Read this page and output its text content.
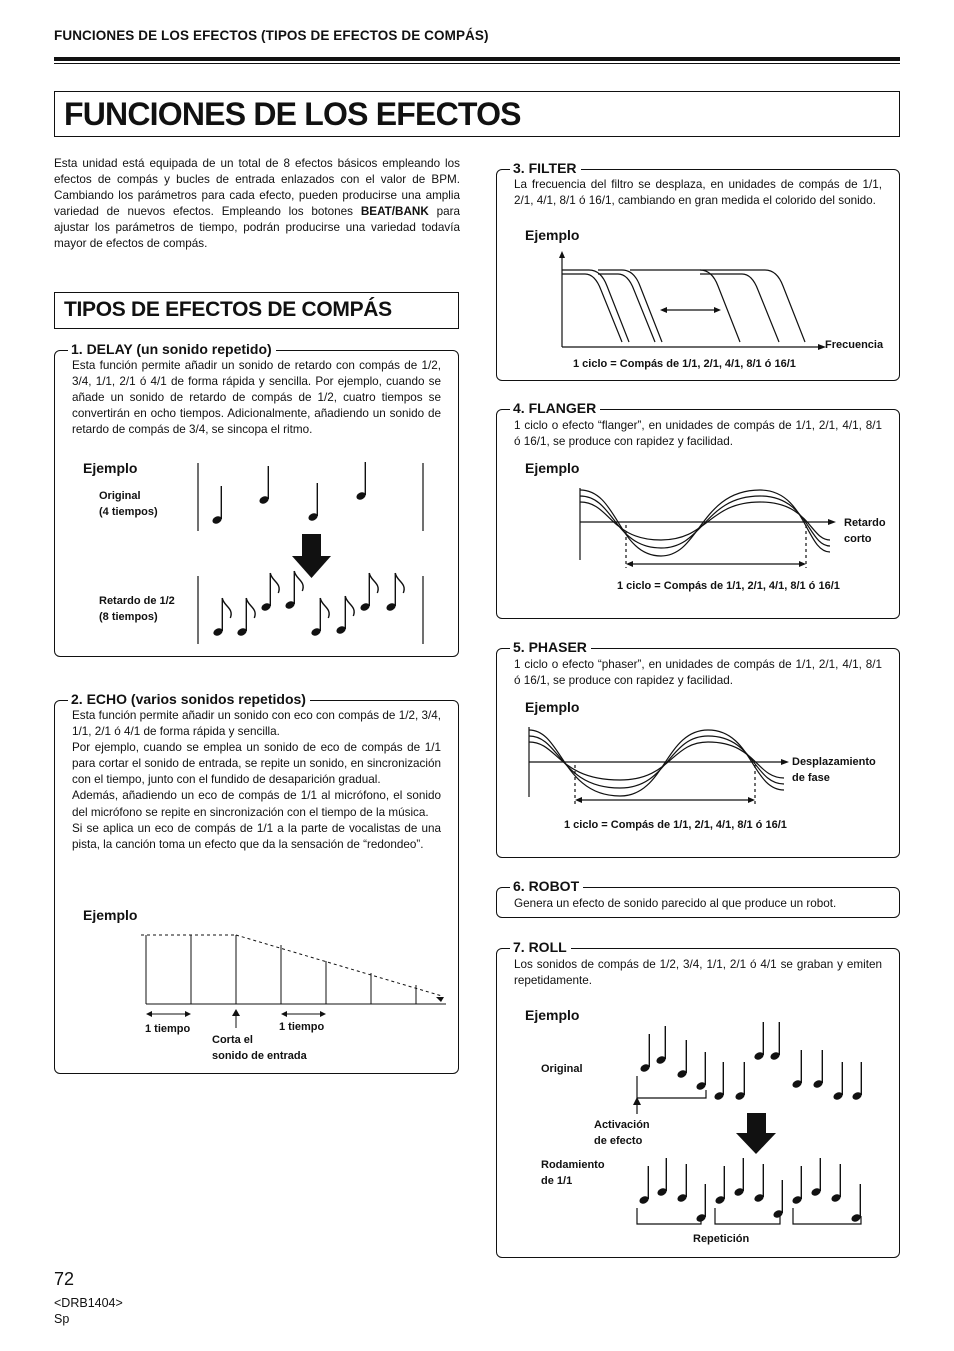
FUNCIONES DE LOS EFECTOS (TIPOS DE EFECTOS DE COMPÁS)
FUNCIONES DE LOS EFECTOS
Esta unidad está equipada de un total de 8 efectos básicos empleando los efectos de compás y bucles de entrada enlazados con el valor de BPM. Cambiando los parámetros para cada efecto, pueden producirse una amplia variedad de nuevos efectos. Empleando los botones BEAT/BANK para ajustar los parámetros de tiempo, podrán producirse una variedad todavía mayor de efectos de compás.
TIPOS DE EFECTOS DE COMPÁS
1. DELAY (un sonido repetido)
Esta función permite añadir un sonido de retardo con compás de 1/2, 3/4, 1/1, 2/1 ó 4/1 de forma rápida y sencilla. Por ejemplo, cuando se añade un sonido de retardo de compás de 1/2, cuatro tiempos se convertirán en ocho tiempos. Adicionalmente, añadiendo un sonido de retardo de compás de 3/4, se sincopa el ritmo.
Ejemplo
Original
(4 tiempos)
Retardo de 1/2
(8 tiempos)
2. ECHO (varios sonidos repetidos)
Esta función permite añadir un sonido con eco con compás de 1/2, 3/4, 1/1, 2/1 ó 4/1 de forma rápida y sencilla.
Por ejemplo, cuando se emplea un sonido de eco de compás de 1/1 para cortar el sonido de entrada, se repite un sonido, en sincronización con el tiempo, junto con el fundido de desaparición gradual.
Además, añadiendo un eco de compás de 1/1 al micrófono, el sonido del micrófono se repite en sincronización con el tiempo de la música.
Si se aplica un eco de compás de 1/1 a la parte de vocalistas de una pista, la canción toma un efecto que da la sensación de “redondeo”.
Ejemplo
1 tiempo	1 tiempo
Corta el
sonido de entrada
3. FILTER
La frecuencia del filtro se desplaza, en unidades de compás de 1/1, 2/1, 4/1, 8/1 ó 16/1, cambiando en gran medida el colorido del sonido.
Ejemplo
Frecuencia
1 ciclo = Compás de 1/1, 2/1, 4/1, 8/1 ó 16/1
4. FLANGER
1 ciclo o efecto “flanger”, en unidades de compás de 1/1, 2/1, 4/1, 8/1 ó 16/1, se produce con rapidez y facilidad.
Ejemplo
Retardo
corto
1 ciclo = Compás de 1/1, 2/1, 4/1, 8/1 ó 16/1
5. PHASER
1 ciclo o efecto “phaser”, en unidades de compás de 1/1, 2/1, 4/1, 8/1 ó 16/1, se produce con rapidez y facilidad.
Ejemplo
Desplazamiento
de fase
1 ciclo = Compás de 1/1, 2/1, 4/1, 8/1 ó 16/1
6. ROBOT
Genera un efecto de sonido parecido al que produce un robot.
7. ROLL
Los sonidos de compás de 1/2, 3/4, 1/1, 2/1 ó 4/1 se graban y emiten repetidamente.
Ejemplo
Original
Activación
de efecto
Rodamiento
de 1/1
Repetición
72
<DRB1404>
Sp
